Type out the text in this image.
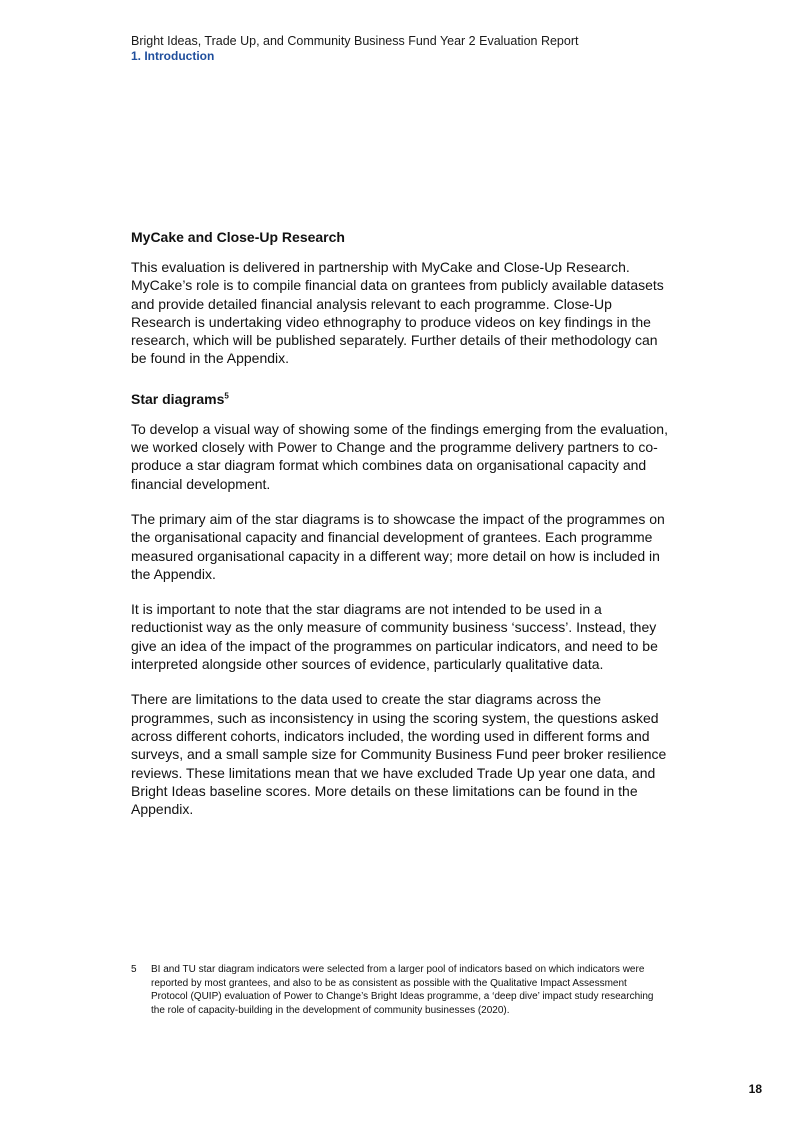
Bright Ideas, Trade Up, and Community Business Fund Year 2 Evaluation Report
1. Introduction
MyCake and Close-Up Research

This evaluation is delivered in partnership with MyCake and Close-Up Research. MyCake’s role is to compile financial data on grantees from publicly available datasets and provide detailed financial analysis relevant to each programme. Close-Up Research is undertaking video ethnography to produce videos on key findings in the research, which will be published separately. Further details of their methodology can be found in the Appendix.

Star diagrams$^5$

To develop a visual way of showing some of the findings emerging from the evaluation, we worked closely with Power to Change and the programme delivery partners to co-produce a star diagram format which combines data on organisational capacity and financial development.

The primary aim of the star diagrams is to showcase the impact of the programmes on the organisational capacity and financial development of grantees. Each programme measured organisational capacity in a different way; more detail on how is included in the Appendix.

It is important to note that the star diagrams are not intended to be used in a reductionist way as the only measure of community business ‘success’. Instead, they give an idea of the impact of the programmes on particular indicators, and need to be interpreted alongside other sources of evidence, particularly qualitative data.

There are limitations to the data used to create the star diagrams across the programmes, such as inconsistency in using the scoring system, the questions asked across different cohorts, indicators included, the wording used in different forms and surveys, and a small sample size for Community Business Fund peer broker resilience reviews. These limitations mean that we have excluded Trade Up year one data, and Bright Ideas baseline scores. More details on these limitations can be found in the Appendix.

5	BI and TU star diagram indicators were selected from a larger pool of indicators based on which indicators were reported by most grantees, and also to be as consistent as possible with the Qualitative Impact Assessment Protocol (QUIP) evaluation of Power to Change’s Bright Ideas programme, a ‘deep dive’ impact study researching the role of capacity-building in the development of community businesses (2020).
18
